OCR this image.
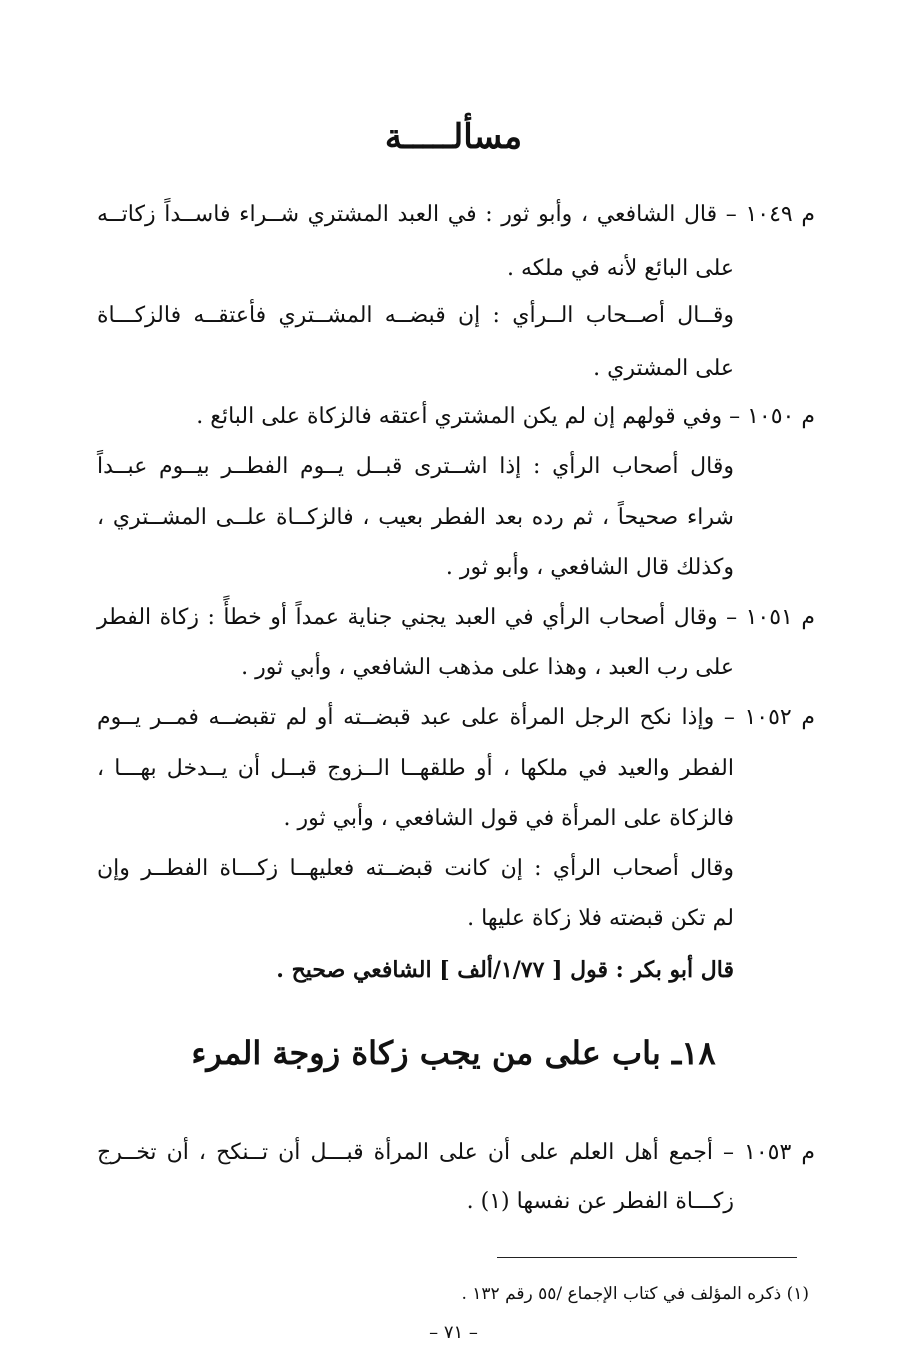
مسألـــــة
م ١٠٤٩ – قال الشافعي ، وأبو ثور : في العبد المشتري شــراء فاســداً زكاتــه
على البائع لأنه في ملكه .
وقــال أصــحاب الــرأي : إن قبضــه المشــتري فأعتقــه فالزكـــاة
على المشتري .
م ١٠٥٠ – وفي قولهم إن لم يكن المشتري أعتقه فالزكاة على البائع .
وقال أصحاب الرأي : إذا اشــترى قبــل يــوم الفطــر بيــوم عبــداً
شراء صحيحاً ، ثم رده بعد الفطر بعيب ، فالزكــاة علــى المشــتري ،
وكذلك قال الشافعي ، وأبو ثور .
م ١٠٥١ – وقال أصحاب الرأي في العبد يجني جناية عمداً أو خطأً : زكاة الفطر
على رب العبد ، وهذا على مذهب الشافعي ، وأبي ثور .
م ١٠٥٢ – وإذا نكح الرجل المرأة على عبد قبضــته أو لم تقبضــه فمــر يــوم
الفطر والعيد في ملكها ، أو طلقهــا الــزوج قبــل أن يــدخل بهـــا ،
فالزكاة على المرأة في قول الشافعي ، وأبي ثور .
وقال أصحاب الرأي : إن كانت قبضــته فعليهــا زكـــاة الفطــر وإن
لم تكن قبضته فلا زكاة عليها .
قال أبو بكر : قول [ ١/٧٧/ألف ] الشافعي صحيح .
١٨ـ باب على من يجب زكاة زوجة المرء
م ١٠٥٣ – أجمع أهل العلم على أن على المرأة قبـــل أن تــنكح ، أن تخــرج
زكـــاة الفطر عن نفسها (١) .
(١) ذكره المؤلف في كتاب الإجماع /٥٥ رقم ١٣٢ .
– ٧١ –
